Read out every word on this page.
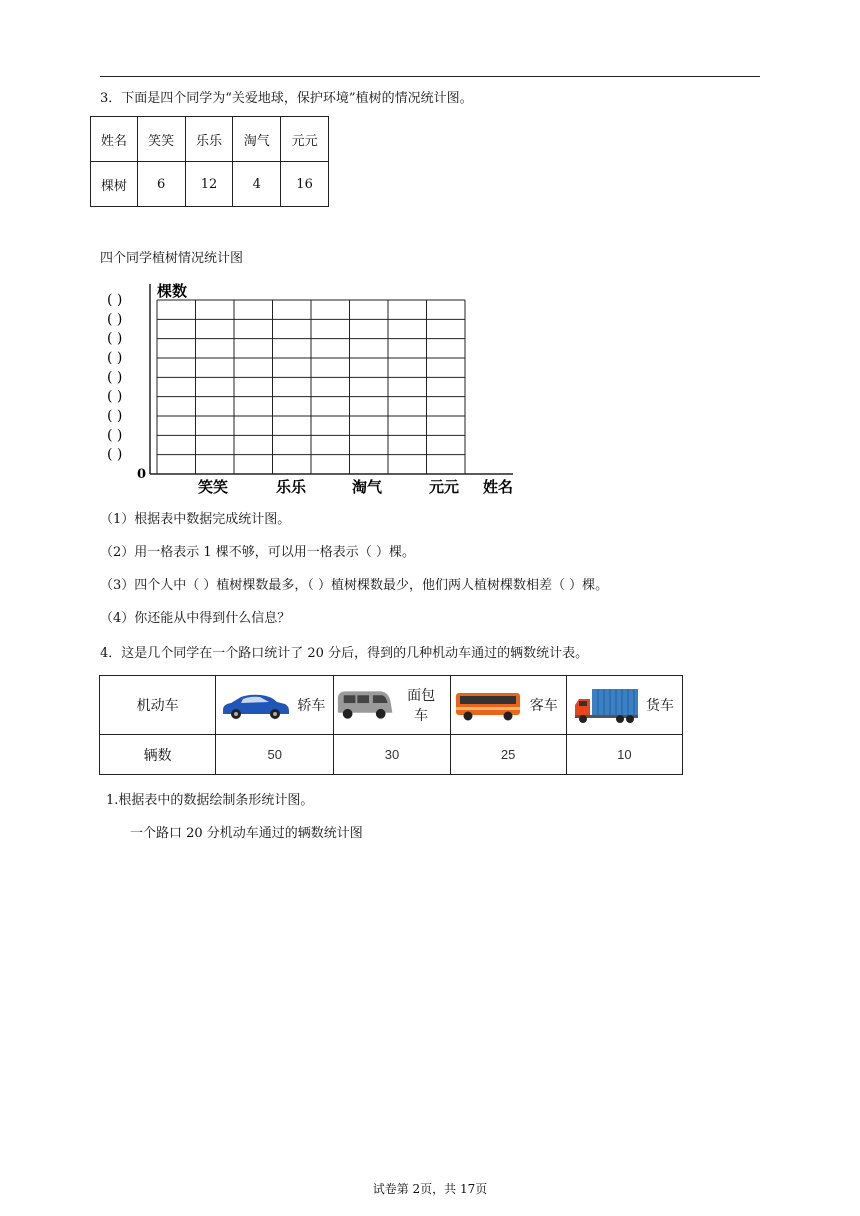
3．下面是四个同学为“关爱地球，保护环境”植树的情况统计图。
姓名	笑笑	乐乐	淘气	元元
棵树	6	12	4	16
四个同学植树情况统计图
( )
( )
( )
( )
( )
( )
( )
( )
( )
棵数
0
笑笑	乐乐	淘气	元元 姓名
（1）根据表中数据完成统计图。
（2）用一格表示 1 棵不够，可以用一格表示（ ）棵。
（3）四个人中（ ）植树棵数最多，（ ）植树棵数最少，他们两人植树棵数相差（ ）棵。
（4）你还能从中得到什么信息？
4．这是几个同学在一个路口统计了 20 分后，得到的几种机动车通过的辆数统计表。
机动车	轿车	面包车	客车	货车

辆数	50	30	25	10
1.根据表中的数据绘制条形统计图。
一个路口 20 分机动车通过的辆数统计图
试卷第 2页，共 17页
